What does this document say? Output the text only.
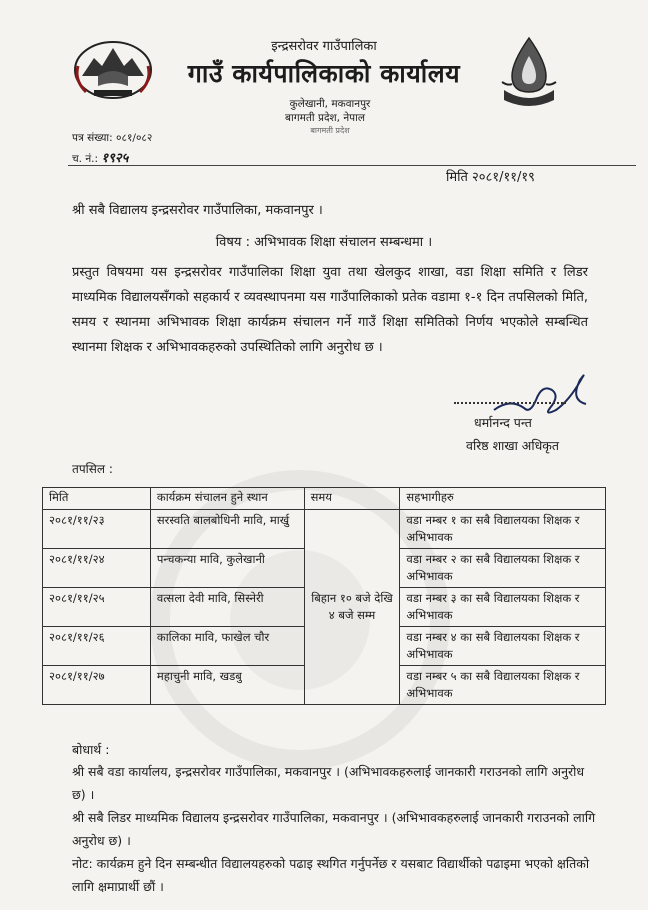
इन्द्रसरोवर गाउँपालिका
गाउँ कार्यपालिकाको कार्यालय
कुलेखानी, मकवानपुर
बागमती प्रदेश, नेपाल
बागमती प्रदेश
पत्र संख्या: ०८१/०८२
च. नं.: १९२५
मिति २०८१/११/१९
श्री सबै विद्यालय इन्द्रसरोवर गाउँपालिका, मकवानपुर ।
विषय : अभिभावक शिक्षा संचालन सम्बन्धमा ।
प्रस्तुत विषयमा यस इन्द्रसरोवर गाउँपालिका शिक्षा युवा तथा खेलकुद शाखा, वडा शिक्षा समिति र लिडर माध्यमिक विद्यालयसँगको सहकार्य र व्यवस्थापनमा यस गाउँपालिकाको प्रतेक वडामा १-१ दिन तपसिलको मिति, समय र स्थानमा अभिभावक शिक्षा कार्यक्रम संचालन गर्ने गाउँ शिक्षा समितिको निर्णय भएकोले सम्बन्धित स्थानमा शिक्षक र अभिभावकहरुको उपस्थितिको लागि अनुरोध छ ।
धर्मानन्द पन्त
वरिष्ठ शाखा अधिकृत
तपसिल :
मिति	कार्यक्रम संचालन हुने स्थान	समय	सहभागीहरु
२०८१/११/२३	सरस्वति बालबोधिनी मावि, मार्खु	बिहान १० बजे देखि ४ बजे सम्म	वडा नम्बर १ का सबै विद्यालयका शिक्षक र अभिभावक
२०८१/११/२४	पन्चकन्या मावि, कुलेखानी		वडा नम्बर २ का सबै विद्यालयका शिक्षक र अभिभावक
२०८१/११/२५	वत्सला देवी मावि, सिस्नेरी		वडा नम्बर ३ का सबै विद्यालयका शिक्षक र अभिभावक
२०८१/११/२६	कालिका मावि, फाखेल चौर		वडा नम्बर ४ का सबै विद्यालयका शिक्षक र अभिभावक
२०८१/११/२७	महाचुनी मावि, खडबु		वडा नम्बर ५ का सबै विद्यालयका शिक्षक र अभिभावक
बोधार्थ :
श्री सबै वडा कार्यालय, इन्द्रसरोवर गाउँपालिका, मकवानपुर । (अभिभावकहरुलाई जानकारी गराउनको लागि अनुरोध छ) ।
श्री सबै लिडर माध्यमिक विद्यालय इन्द्रसरोवर गाउँपालिका, मकवानपुर । (अभिभावकहरुलाई जानकारी गराउनको लागि अनुरोध छ) ।
नोट: कार्यक्रम हुने दिन सम्बन्धीत विद्यालयहरुको पढाइ स्थगित गर्नुपर्नेछ र यसबाट विद्यार्थीको पढाइमा भएको क्षतिको लागि क्षमाप्रार्थी छौं ।
